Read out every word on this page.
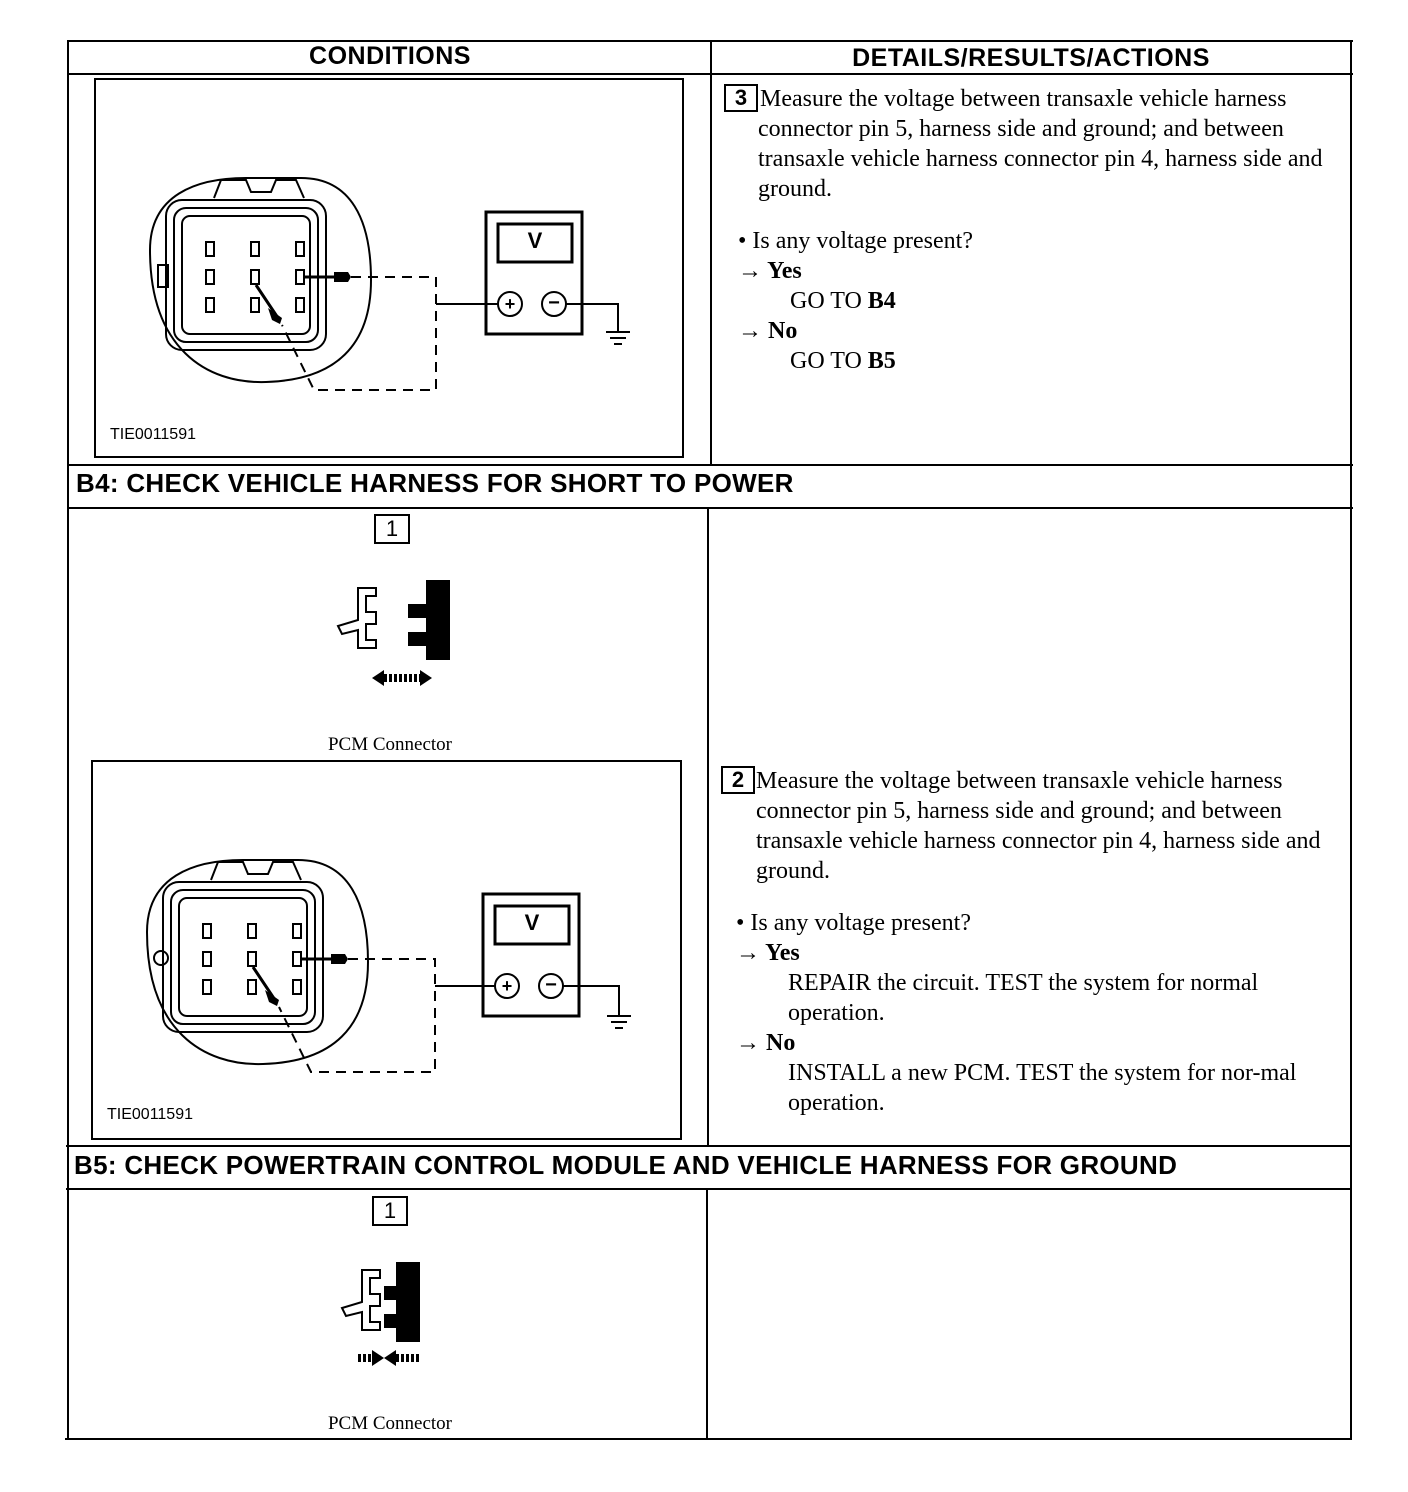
CONDITIONS	DETAILS/RESULTS/ACTIONS
+ −
V
TIE0011591
3 Measure the voltage between transaxle vehicle harness connector pin 5, harness side and ground; and between transaxle vehicle harness connector pin 4, harness side and ground.
• Is any voltage present?
→ Yes
GO TO B4
→ No
GO TO B5
B4: CHECK VEHICLE HARNESS FOR SHORT TO POWER
1
PCM Connector
+ −
V
TIE0011591
2 Measure the voltage between transaxle vehicle harness connector pin 5, harness side and ground; and between transaxle vehicle harness connector pin 4, harness side and ground.
• Is any voltage present?
→ Yes
REPAIR the circuit. TEST the system for normal operation.
→ No
INSTALL a new PCM. TEST the system for nor-mal operation.
B5: CHECK POWERTRAIN CONTROL MODULE AND VEHICLE HARNESS FOR GROUND
1
PCM Connector
